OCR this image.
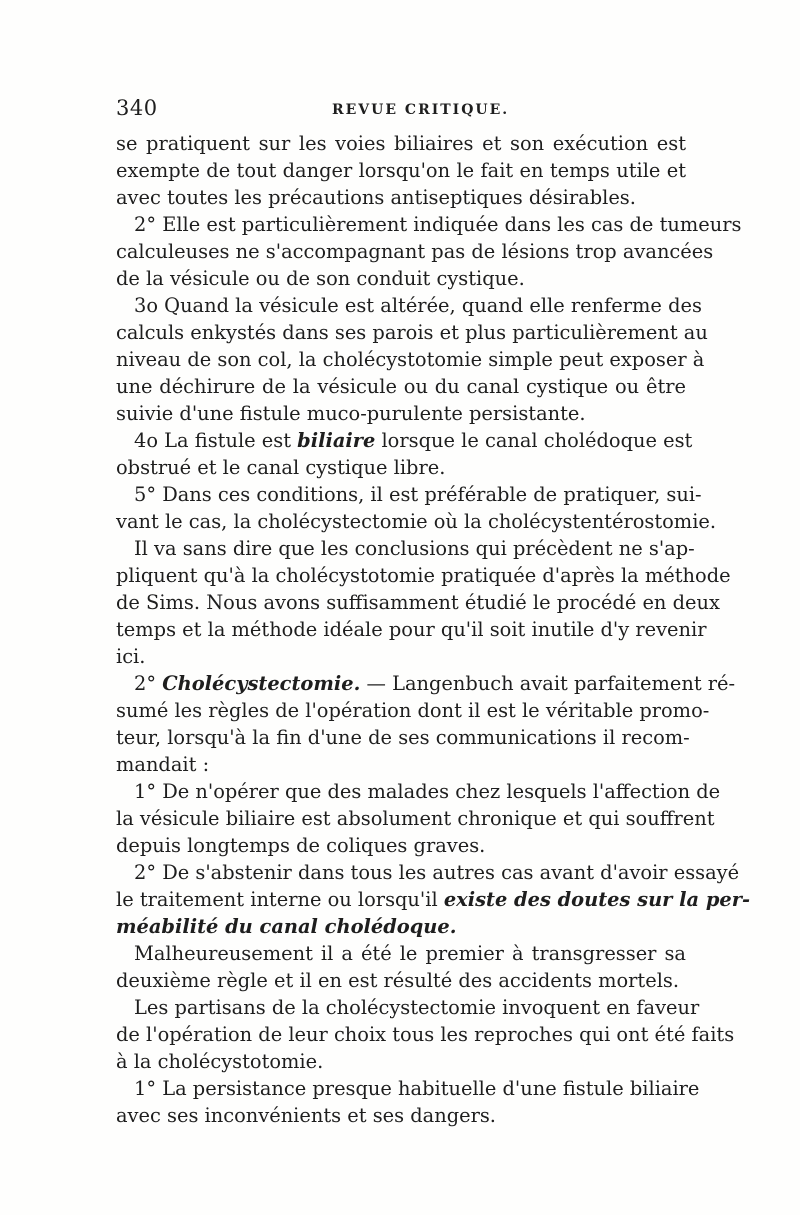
340	REVUE CRITIQUE.
se pratiquent sur les voies biliaires et son exécution est
exempte de tout danger lorsqu'on le fait en temps utile et
avec toutes les précautions antiseptiques désirables.
2° Elle est particulièrement indiquée dans les cas de tumeurs
calculeuses ne s'accompagnant pas de lésions trop avancées
de la vésicule ou de son conduit cystique.
3o Quand la vésicule est altérée, quand elle renferme des
calculs enkystés dans ses parois et plus particulièrement au
niveau de son col, la cholécystotomie simple peut exposer à
une déchirure de la vésicule ou du canal cystique ou être
suivie d'une fistule muco-purulente persistante.
4o La fistule est biliaire lorsque le canal cholédoque est
obstrué et le canal cystique libre.
5° Dans ces conditions, il est préférable de pratiquer, sui-
vant le cas, la cholécystectomie où la cholécystentérostomie.
Il va sans dire que les conclusions qui précèdent ne s'ap-
pliquent qu'à la cholécystotomie pratiquée d'après la méthode
de Sims. Nous avons suffisamment étudié le procédé en deux
temps et la méthode idéale pour qu'il soit inutile d'y revenir
ici.
2° Cholécystectomie. — Langenbuch avait parfaitement ré-
sumé les règles de l'opération dont il est le véritable promo-
teur, lorsqu'à la fin d'une de ses communications il recom-
mandait :
1° De n'opérer que des malades chez lesquels l'affection de
la vésicule biliaire est absolument chronique et qui souffrent
depuis longtemps de coliques graves.
2° De s'abstenir dans tous les autres cas avant d'avoir essayé
le traitement interne ou lorsqu'il existe des doutes sur la per-
méabilité du canal cholédoque.
Malheureusement il a été le premier à transgresser sa
deuxième règle et il en est résulté des accidents mortels.
Les partisans de la cholécystectomie invoquent en faveur
de l'opération de leur choix tous les reproches qui ont été faits
à la cholécystotomie.
1° La persistance presque habituelle d'une fistule biliaire
avec ses inconvénients et ses dangers.
